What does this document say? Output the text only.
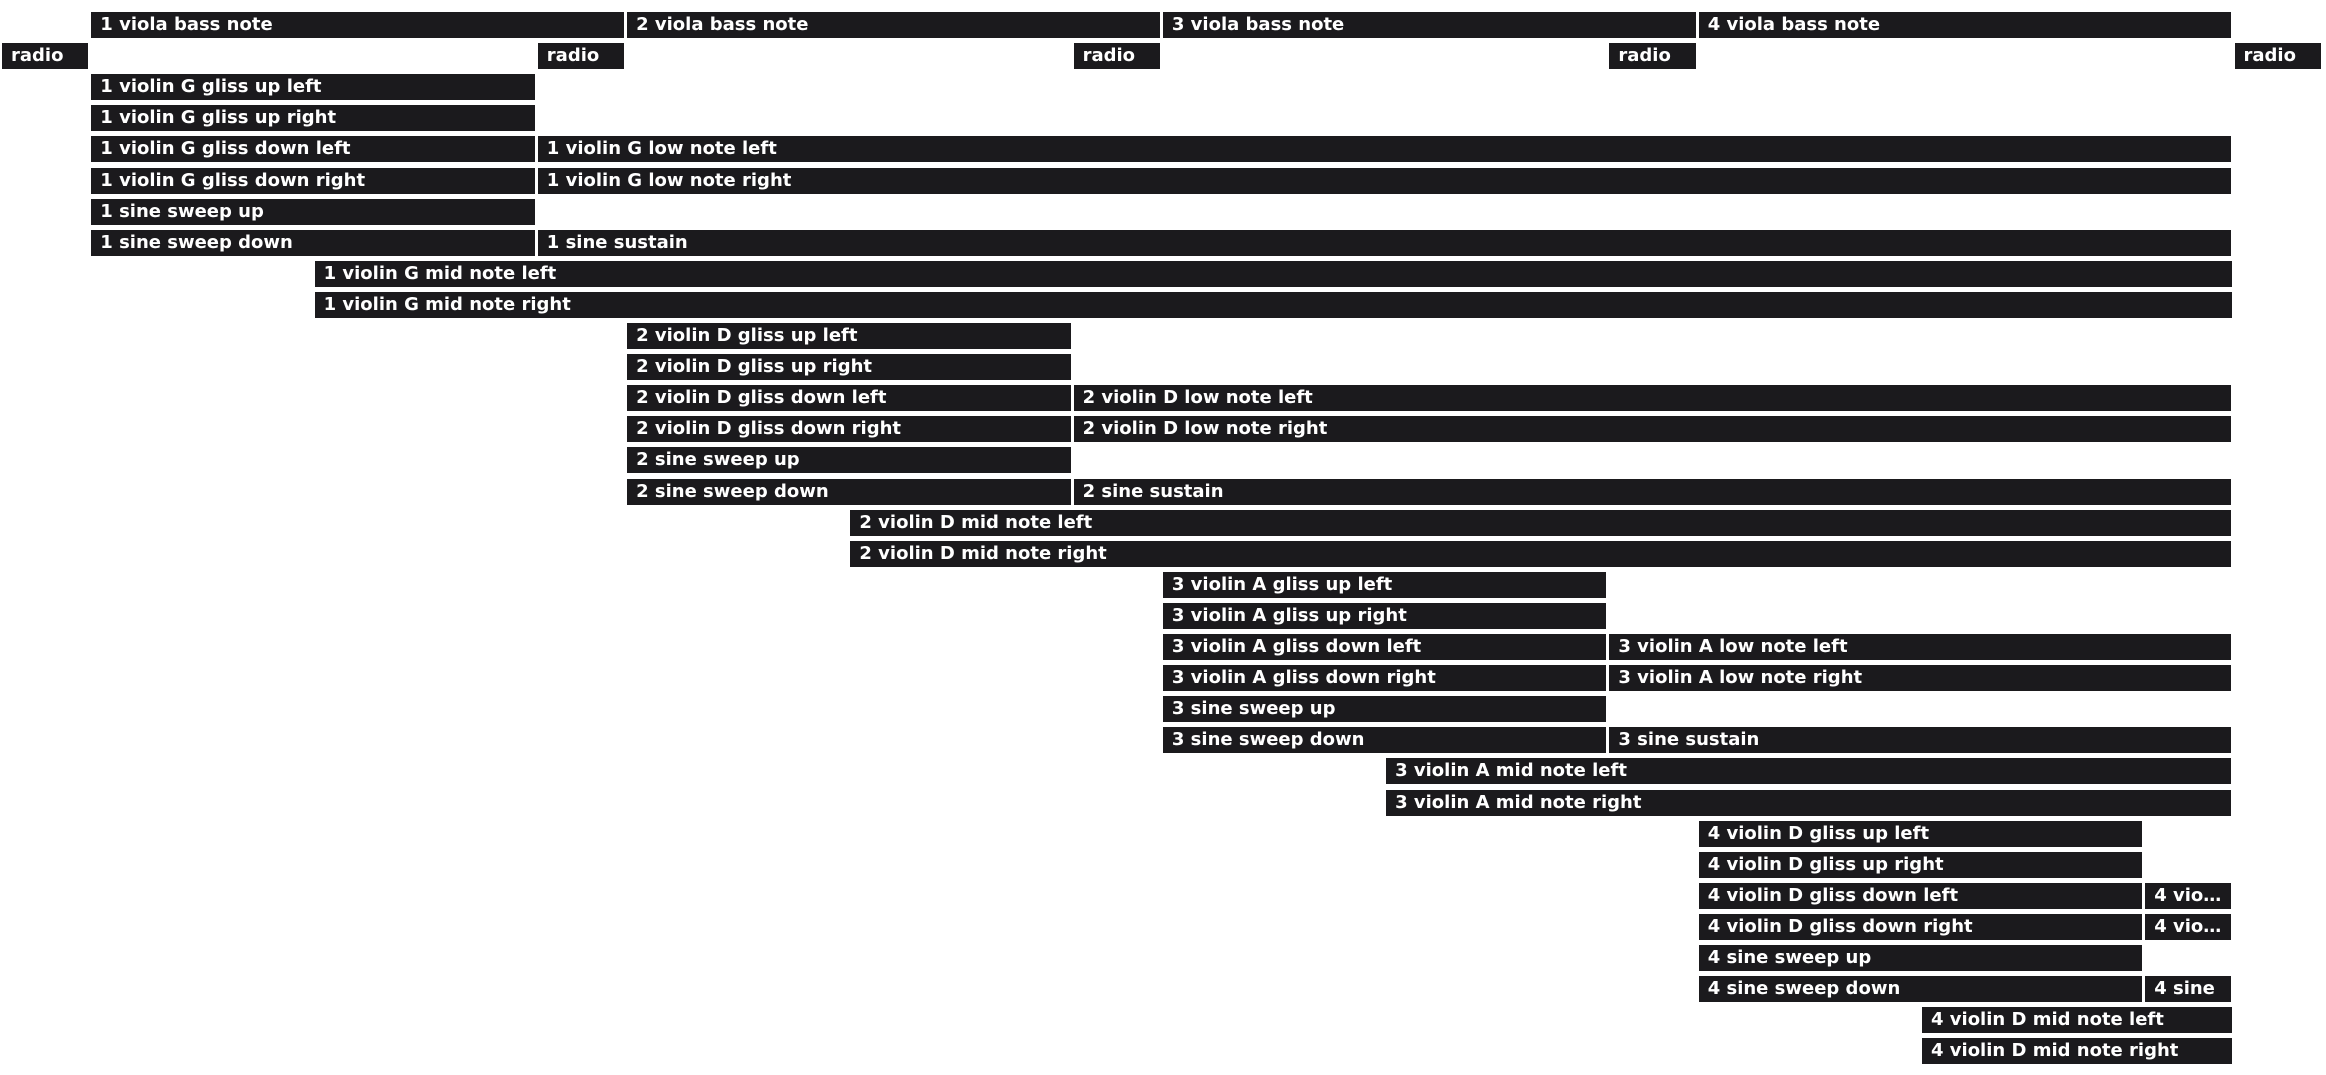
1 viola bass note	2 viola bass note	3 viola bass note	4 viola bass note
radio	radio	radio	radio	radio
1 violin G gliss up left
1 violin G gliss up right
1 violin G gliss down left	1 violin G low note left
1 violin G gliss down right	1 violin G low note right
1 sine sweep up
1 sine sweep down	1 sine sustain
1 violin G mid note left
1 violin G mid note right
2 violin D gliss up left
2 violin D gliss up right
2 violin D gliss down left	2 violin D low note left
2 violin D gliss down right	2 violin D low note right
2 sine sweep up
2 sine sweep down	2 sine sustain
2 violin D mid note left
2 violin D mid note right
3 violin A gliss up left
3 violin A gliss up right
3 violin A gliss down left	3 violin A low note left
3 violin A gliss down right	3 violin A low note right
3 sine sweep up
3 sine sweep down	3 sine sustain
3 violin A mid note left
3 violin A mid note right
4 violin D gliss up left
4 violin D gliss up right
4 violin D gliss down left	4 vio…
4 violin D gliss down right	4 vio…
4 sine sweep up
4 sine sweep down	4 sine
4 violin D mid note left
4 violin D mid note right
